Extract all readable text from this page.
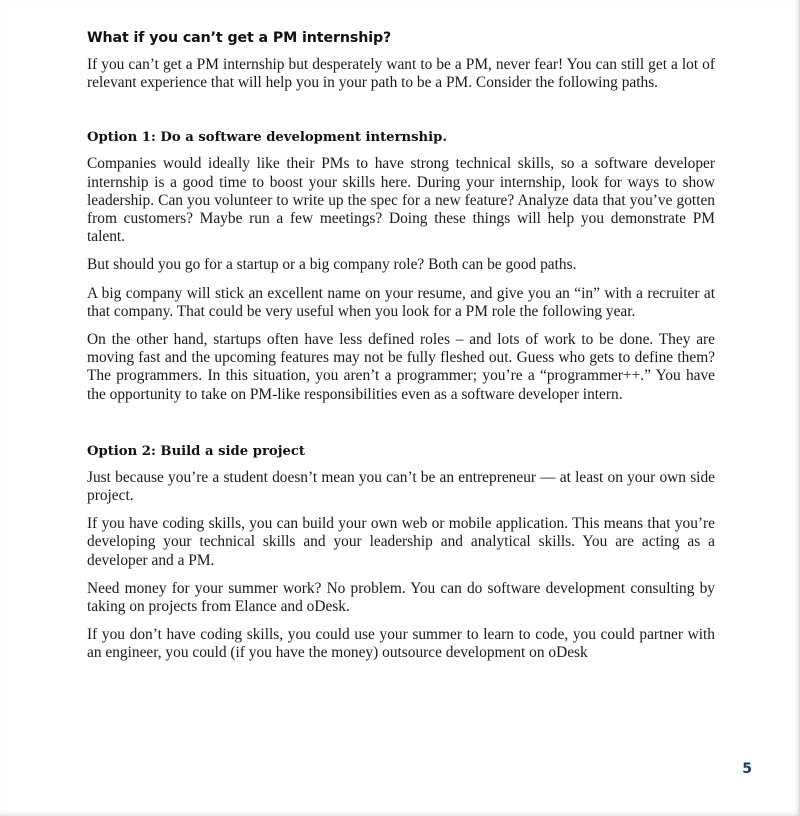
What if you can’t get a PM internship?

If you can’t get a PM internship but desperately want to be a PM, never fear! You can still get a lot of relevant experience that will help you in your path to be a PM. Consider the following paths.

Option 1: Do a software development internship.

Companies would ideally like their PMs to have strong technical skills, so a software developer internship is a good time to boost your skills here. During your internship, look for ways to show leadership. Can you volunteer to write up the spec for a new feature? Analyze data that you’ve gotten from customers? Maybe run a few meetings? Doing these things will help you demonstrate PM talent.

But should you go for a startup or a big company role? Both can be good paths.

A big company will stick an excellent name on your resume, and give you an “in” with a recruiter at that company. That could be very useful when you look for a PM role the following year.

On the other hand, startups often have less defined roles – and lots of work to be done. They are moving fast and the upcoming features may not be fully fleshed out. Guess who gets to define them? The programmers. In this situation, you aren’t a programmer; you’re a “programmer++.” You have the opportunity to take on PM-like responsibilities even as a software developer intern.

Option 2: Build a side project

Just because you’re a student doesn’t mean you can’t be an entrepreneur — at least on your own side project.

If you have coding skills, you can build your own web or mobile application. This means that you’re developing your technical skills and your leadership and analytical skills. You are acting as a developer and a PM.

Need money for your summer work? No problem. You can do software development consulting by taking on projects from Elance and oDesk.

If you don’t have coding skills, you could use your summer to learn to code, you could partner with an engineer, you could (if you have the money) outsource development on oDesk

5
